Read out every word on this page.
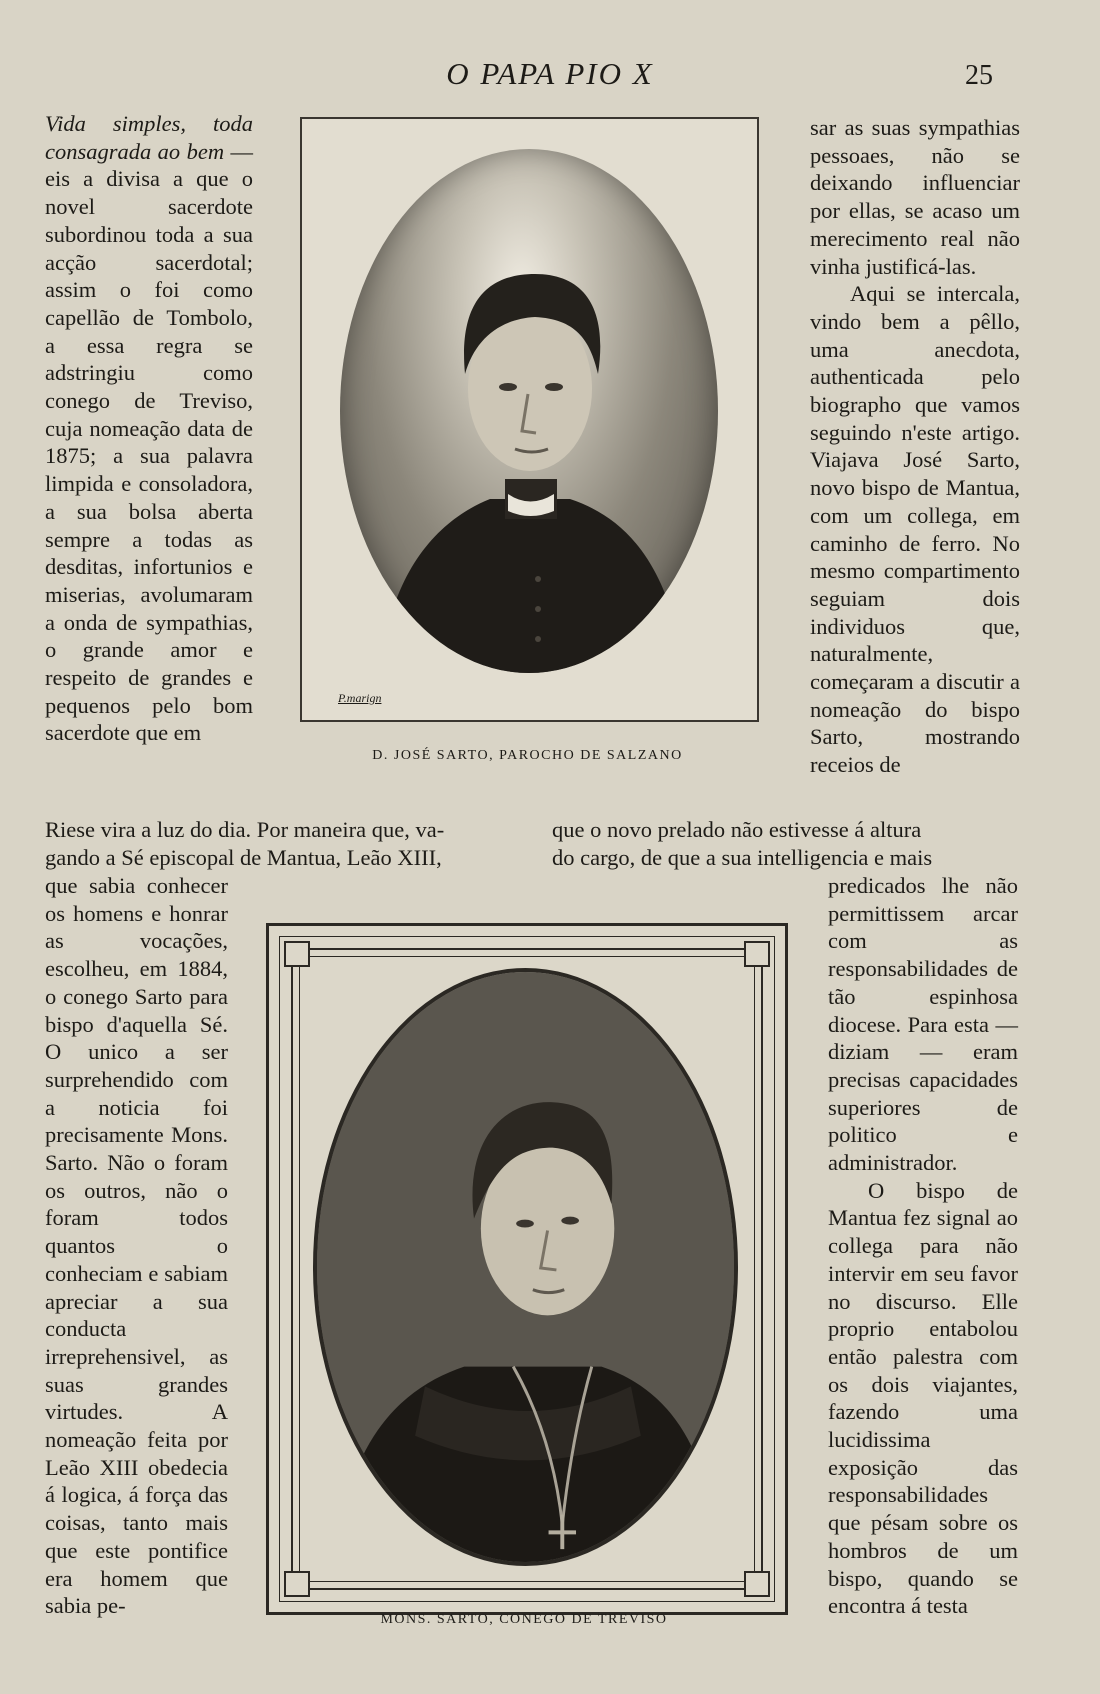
O PAPA PIO X	25

Vida simples, toda consagrada ao bem — eis a divisa a que o novel sacerdote subordinou toda a sua acção sacerdotal; assim o foi como capellão de Tombolo, a essa regra se adstringiu como conego de Treviso, cuja nomeação data de 1875; a sua palavra limpida e consoladora, a sua bolsa aberta sempre a todas as desditas, infortunios e miserias, avolumaram a onda de sympathias, o grande amor e respeito de grandes e pequenos pelo bom sacerdote que em

P.marign
D. JOSÉ SARTO, PAROCHO DE SALZANO

sar as suas sympathias pessoaes, não se deixando influenciar por ellas, se acaso um merecimento real não vinha justificá-las.

Aqui se intercala, vindo bem a pêllo, uma anecdota, authenticada pelo biographo que vamos seguindo n'este artigo. Viajava José Sarto, novo bispo de Mantua, com um collega, em caminho de ferro. No mesmo compartimento seguiam dois individuos que, naturalmente, começaram a discutir a nomeação do bispo Sarto, mostrando receios de

Riese vira a luz do dia. Por maneira que, va-
gando a Sé episcopal de Mantua, Leão XIII,
que o novo prelado não estivesse á altura
do cargo, de que a sua intelligencia e mais

que sabia conhecer os homens e honrar as vocações, escolheu, em 1884, o conego Sarto para bispo d'aquella Sé. O unico a ser surprehendido com a noticia foi precisamente Mons. Sarto. Não o foram os outros, não o foram todos quantos o conheciam e sabiam apreciar a sua conducta irreprehensivel, as suas grandes virtudes. A nomeação feita por Leão XIII obedecia á logica, á força das coisas, tanto mais que este pontifice era homem que sabia pe-

MONS. SARTO, CONEGO DE TREVISO

predicados lhe não permittissem arcar com as responsabilidades de tão espinhosa diocese. Para esta — diziam — eram precisas capacidades superiores de politico e administrador.

O bispo de Mantua fez signal ao collega para não intervir em seu favor no discurso. Elle proprio entabolou então palestra com os dois viajantes, fazendo uma lucidissima exposição das responsabilidades que pésam sobre os hombros de um bispo, quando se encontra á testa
